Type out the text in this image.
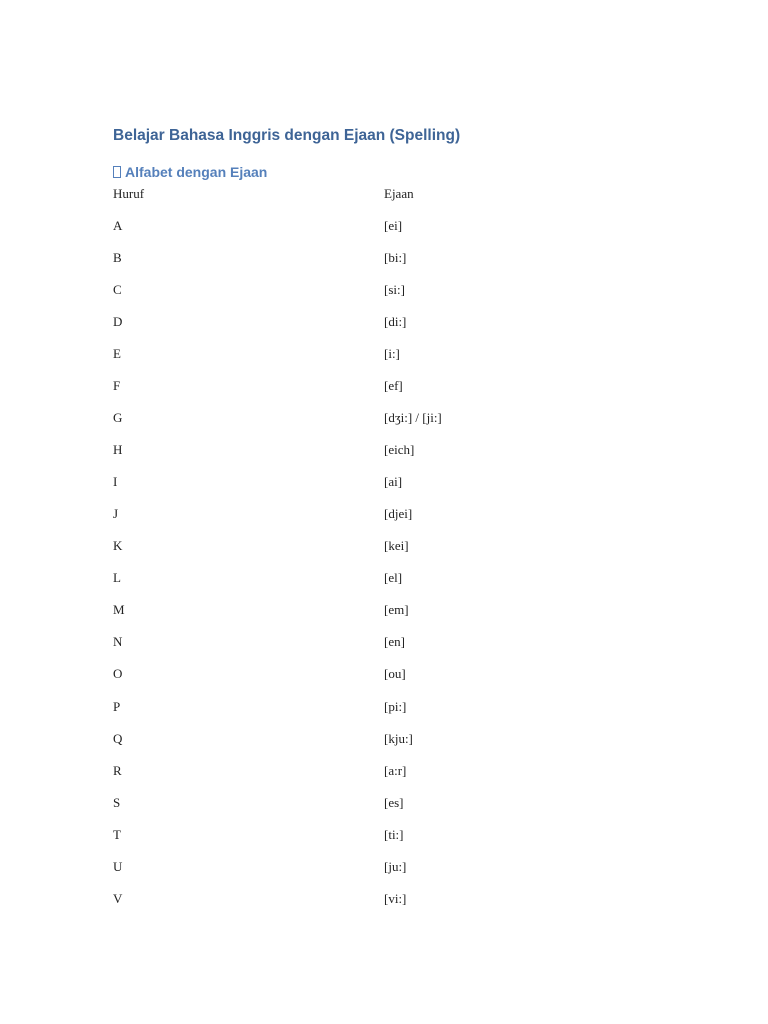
Belajar Bahasa Inggris dengan Ejaan (Spelling)
Alfabet dengan Ejaan
Huruf	Ejaan
A	[ei]
B	[bi:]
C	[si:]
D	[di:]
E	[i:]
F	[ef]
G	[dʒi:] / [ji:]
H	[eich]
I	[ai]
J	[djei]
K	[kei]
L	[el]
M	[em]
N	[en]
O	[ou]
P	[pi:]
Q	[kju:]
R	[a:r]
S	[es]
T	[ti:]
U	[ju:]
V	[vi:]
